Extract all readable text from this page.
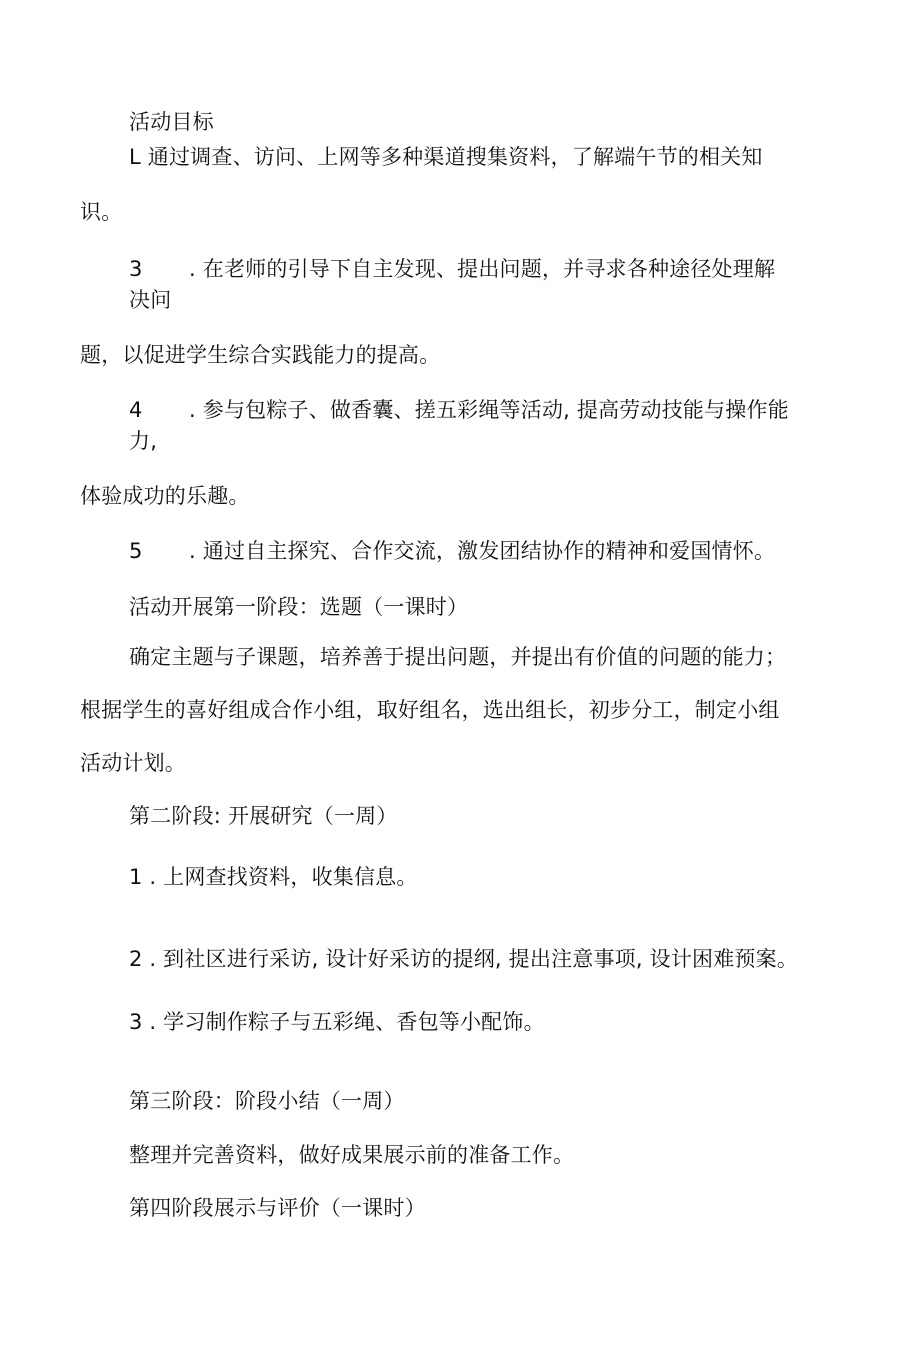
活动目标
L 通过调查、访问、上网等多种渠道搜集资料，了解端午节的相关知
识。
3 . 在老师的引导下自主发现、提出问题，并寻求各种途径处理解
决问
题，以促进学生综合实践能力的提高。
4 . 参与包粽子、做香囊、搓五彩绳等活动, 提高劳动技能与操作能
力,
体验成功的乐趣。
5 . 通过自主探究、合作交流，激发团结协作的精神和爱国情怀。
活动开展第一阶段：选题（一课时）
确定主题与子课题，培养善于提出问题，并提出有价值的问题的能力；
根据学生的喜好组成合作小组，取好组名，选出组长，初步分工，制定小组
活动计划。
第二阶段: 开展研究（一周）
1 . 上网查找资料，收集信息。
2 . 到社区进行采访, 设计好采访的提纲, 提出注意事项, 设计困难预案。
3 . 学习制作粽子与五彩绳、香包等小配饰。
第三阶段：阶段小结（一周）
整理并完善资料，做好成果展示前的准备工作。
第四阶段展示与评价（一课时）
